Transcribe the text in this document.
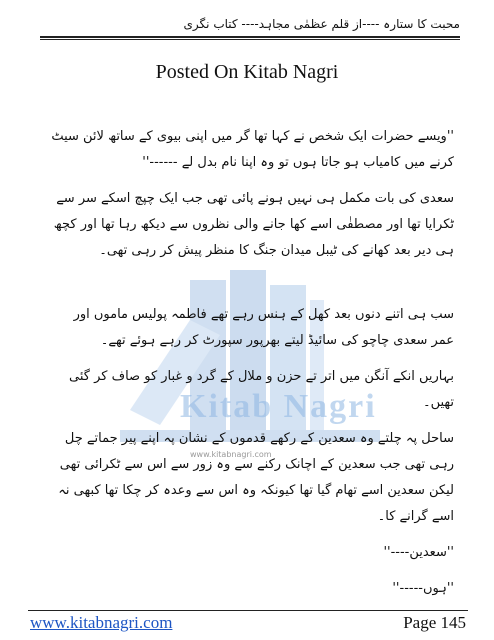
محبت کا ستارہ ----از قلم عظمٰی مجاہد---- کتاب نگری
Posted On Kitab Nagri
Kitab Nagri
www.kitabnagri.com

''ویسے حضرات ایک شخص نے کہا تھا گر میں اپنی بیوی کے ساتھ لائن سیٹ کرنے میں کامیاب ہو جاتا ہوں تو وہ اپنا نام بدل لے ------''

سعدی کی بات مکمل ہی نہیں ہونے پائی تھی جب ایک چپچ اسکے سر سے ٹکرایا تھا اور مصطفٰی اسے کھا جانے والی نظروں سے دیکھ رہا تھا اور کچھ ہی دیر بعد کھانے کی ٹیبل میدان جنگ کا منظر پیش کر رہی تھی۔

سب ہی اتنے دنوں بعد کھل کے ہنس رہے تھے فاطمہ پولیس ماموں اور عمر سعدی چاچو کی سائیڈ لیتے بھرپور سپورٹ کر رہے ہوئے تھے۔

بہاریں انکے آنگن میں اتر تے حزن و ملال کے گرد و غبار کو صاف کر گئی تھیں۔

ساحل پہ چلتے وہ سعدین کے رکھے قدموں کے نشان پہ اپنے پیر جماتے چل رہی تھی جب سعدین کے اچانک رکنے سے وہ زور سے اس سے ٹکرائی تھی لیکن سعدین اسے تھام گیا تھا کیونکہ وہ اس سے وعدہ کر چکا تھا کبھی نہ اسے گرانے کا۔

''سعدین----''

''ہوں-----''

www.kitabnagri.com	Page 145
